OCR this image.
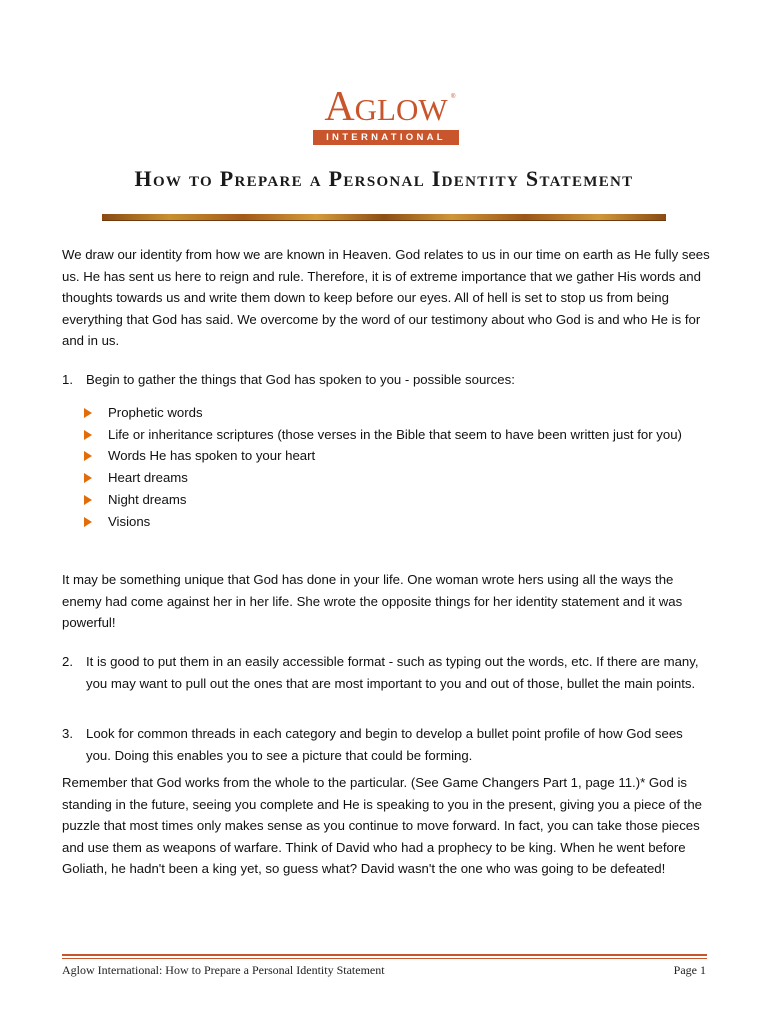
AGLOW ®
INTERNATIONAL
How to Prepare a Personal Identity Statement
We draw our identity from how we are known in Heaven. God relates to us in our time on earth as He fully sees us. He has sent us here to reign and rule. Therefore, it is of extreme importance that we gather His words and thoughts towards us and write them down to keep before our eyes. All of hell is set to stop us from being everything that God has said. We overcome by the word of our testimony about who God is and who He is for and in us.
1. Begin to gather the things that God has spoken to you - possible sources:
Prophetic words
Life or inheritance scriptures (those verses in the Bible that seem to have been written just for you)
Words He has spoken to your heart
Heart dreams
Night dreams
Visions
It may be something unique that God has done in your life. One woman wrote hers using all the ways the enemy had come against her in her life. She wrote the opposite things for her identity statement and it was powerful!
2. It is good to put them in an easily accessible format - such as typing out the words, etc. If there are many, you may want to pull out the ones that are most important to you and out of those, bullet the main points.
3. Look for common threads in each category and begin to develop a bullet point profile of how God sees you. Doing this enables you to see a picture that could be forming.
Remember that God works from the whole to the particular. (See Game Changers Part 1, page 11.)* God is standing in the future, seeing you complete and He is speaking to you in the present, giving you a piece of the puzzle that most times only makes sense as you continue to move forward. In fact, you can take those pieces and use them as weapons of warfare. Think of David who had a prophecy to be king. When he went before Goliath, he hadn't been a king yet, so guess what? David wasn't the one who was going to be defeated!
Aglow International: How to Prepare a Personal Identity Statement	Page 1
